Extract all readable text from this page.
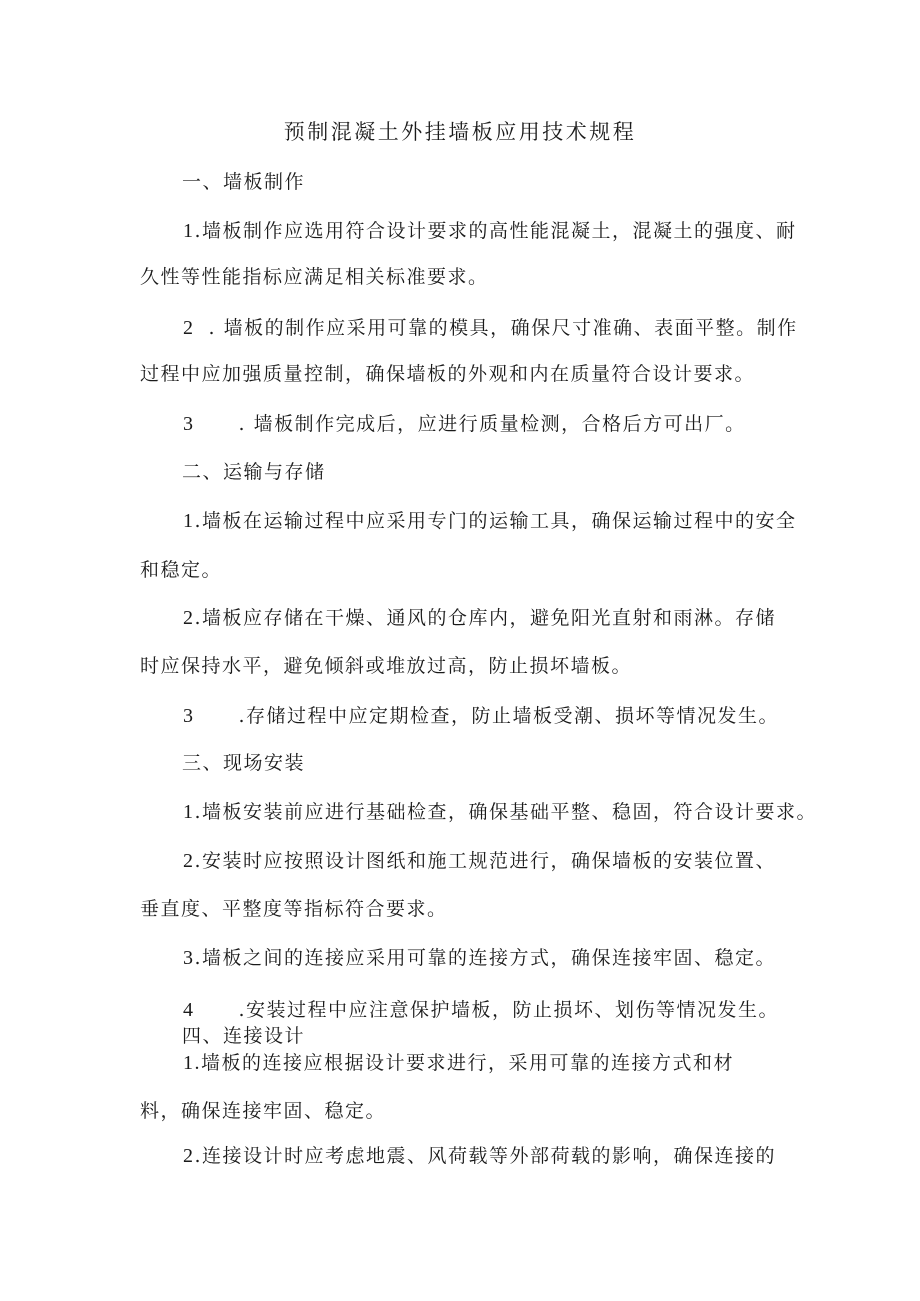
预制混凝土外挂墙板应用技术规程
一、墙板制作
1.墙板制作应选用符合设计要求的高性能混凝土，混凝土的强度、耐
久性等性能指标应满足相关标准要求。
2 . 墙板的制作应采用可靠的模具，确保尺寸准确、表面平整。制作
过程中应加强质量控制，确保墙板的外观和内在质量符合设计要求。
3 . 墙板制作完成后，应进行质量检测，合格后方可出厂。
二、运输与存储
1.墙板在运输过程中应采用专门的运输工具，确保运输过程中的安全
和稳定。
2.墙板应存储在干燥、通风的仓库内，避免阳光直射和雨淋。存储
时应保持水平，避免倾斜或堆放过高，防止损坏墙板。
3 .存储过程中应定期检查，防止墙板受潮、损坏等情况发生。
三、现场安装
1.墙板安装前应进行基础检查，确保基础平整、稳固，符合设计要求。
2.安装时应按照设计图纸和施工规范进行，确保墙板的安装位置、
垂直度、平整度等指标符合要求。
3.墙板之间的连接应采用可靠的连接方式，确保连接牢固、稳定。
4 .安装过程中应注意保护墙板，防止损坏、划伤等情况发生。
四、连接设计
1.墙板的连接应根据设计要求进行，采用可靠的连接方式和材
料，确保连接牢固、稳定。
2.连接设计时应考虑地震、风荷载等外部荷载的影响，确保连接的
